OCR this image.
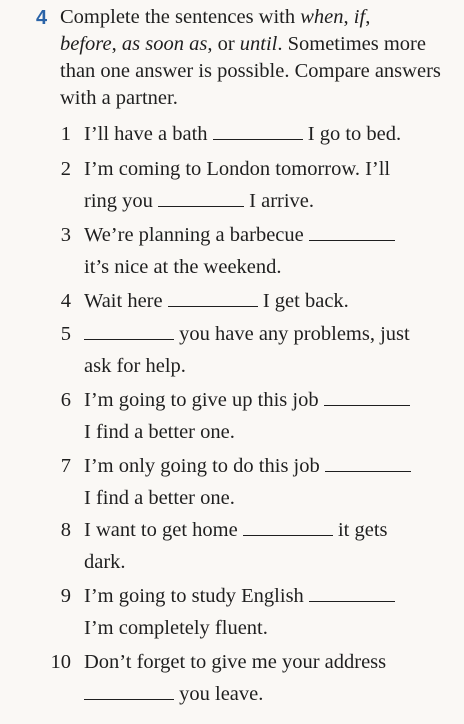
4 Complete the sentences with when, if,
before, as soon as, or until. Sometimes more than one answer is possible. Compare answers with a partner.

1 I’ll have a bath	I go to bed.
2 I’m coming to London tomorrow. I’ll
ring you	I arrive.
3 We’re planning a barbecue
it’s nice at the weekend.
4 Wait here	I get back.
5	you have any problems, just
ask for help.
6 I’m going to give up this job
I find a better one.
7 I’m only going to do this job
I find a better one.
8 I want to get home	it gets
dark.
9 I’m going to study English
I’m completely fluent.
10 Don’t forget to give me your address
you leave.
